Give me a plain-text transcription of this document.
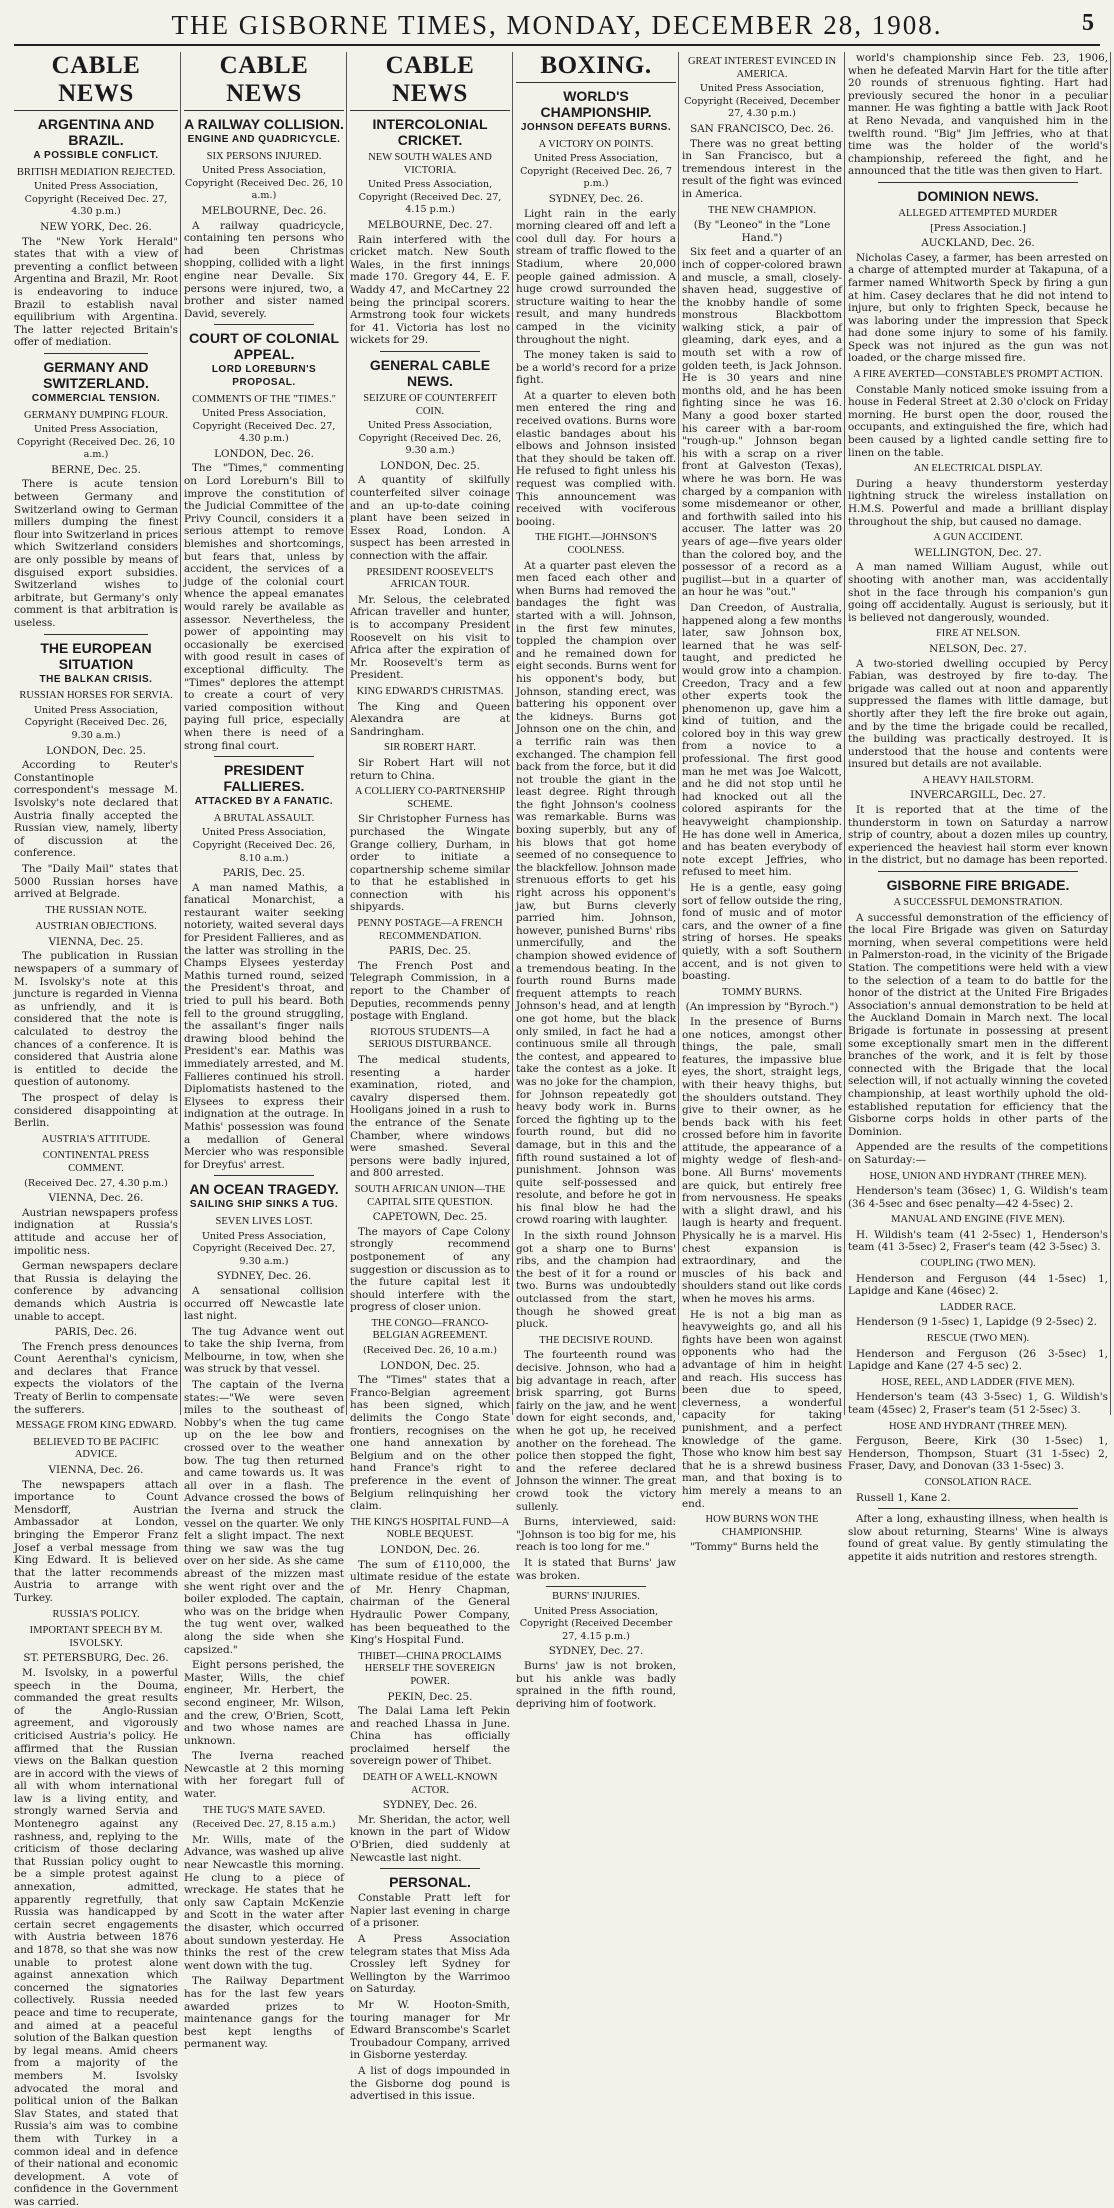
THE GISBORNE TIMES, MONDAY, DECEMBER 28, 1908.	5
CABLE NEWS
ARGENTINA AND BRAZIL.
A POSSIBLE CONFLICT.
BRITISH MEDIATION REJECTED.
United Press Association, Copyright (Received Dec. 27, 4.30 p.m.)
NEW YORK, Dec. 26.

The "New York Herald" states that with a view of preventing a conflict between Argentina and Brazil, Mr. Root is endeavoring to induce Brazil to establish naval equilibrium with Argentina. The latter rejected Britain's offer of mediation.

GERMANY AND SWITZERLAND.
COMMERCIAL TENSION.
GERMANY DUMPING FLOUR.
United Press Association, Copyright (Received Dec. 26, 10 a.m.)
BERNE, Dec. 25.

There is acute tension between Germany and Switzerland owing to German millers dumping the finest flour into Switzerland in prices which Switzerland considers are only possible by means of disguised export subsidies. Switzerland wishes to arbitrate, but Germany's only comment is that arbitration is useless.

THE EUROPEAN SITUATION
THE BALKAN CRISIS.
RUSSIAN HORSES FOR SERVIA.
United Press Association, Copyright (Received Dec. 26, 9.30 a.m.)
LONDON, Dec. 25.

According to Reuter's Constantinople correspondent's message M. Isvolsky's note declared that Austria finally accepted the Russian view, namely, liberty of discussion at the conference.

The "Daily Mail" states that 5000 Russian horses have arrived at Belgrade.

THE RUSSIAN NOTE.
AUSTRIAN OBJECTIONS.
VIENNA, Dec. 25.

The publication in Russian newspapers of a summary of M. Isvolsky's note at this juncture is regarded in Vienna as unfriendly, and it is considered that the note is calculated to destroy the chances of a conference. It is considered that Austria alone is entitled to decide the question of autonomy.

The prospect of delay is considered disappointing at Berlin.

AUSTRIA'S ATTITUDE.
CONTINENTAL PRESS COMMENT.
(Received Dec. 27, 4.30 p.m.)
VIENNA, Dec. 26.

Austrian newspapers profess indignation at Russia's attitude and accuse her of impolitic ness.

German newspapers declare that Russia is delaying the conference by advancing demands which Austria is unable to accept.

PARIS, Dec. 26.

The French press denounces Count Aerenthal's cynicism, and declares that France expects the violators of the Treaty of Berlin to compensate the sufferers.

MESSAGE FROM KING EDWARD.
BELIEVED TO BE PACIFIC ADVICE.
VIENNA, Dec. 26.

The newspapers attach importance to Count Mensdorff, Austrian Ambassador at London, bringing the Emperor Franz Josef a verbal message from King Edward. It is believed that the latter recommends Austria to arrange with Turkey.

RUSSIA'S POLICY.
IMPORTANT SPEECH BY M. ISVOLSKY.
ST. PETERSBURG, Dec. 26.

M. Isvolsky, in a powerful speech in the Douma, commanded the great results of the Anglo-Russian agreement, and vigorously criticised Austria's policy. He affirmed that the Russian views on the Balkan question are in accord with the views of all with whom international law is a living entity, and strongly warned Servia and Montenegro against any rashness, and, replying to the criticism of those declaring that Russian policy ought to be a simple protest against annexation, admitted, apparently regretfully, that Russia was handicapped by certain secret engagements with Austria between 1876 and 1878, so that she was now unable to protest alone against annexation which concerned the signatories collectively. Russia needed peace and time to recuperate, and aimed at a peaceful solution of the Balkan question by legal means. Amid cheers from a majority of the members M. Isvolsky advocated the moral and political union of the Balkan Slav States, and stated that Russia's aim was to combine them with Turkey in a common ideal and in defence of their national and economic development. A vote of confidence in the Government was carried.

CABLE NEWS
A RAILWAY COLLISION.
ENGINE AND QUADRICYCLE.
SIX PERSONS INJURED.
United Press Association, Copyright (Received Dec. 26, 10 a.m.)
MELBOURNE, Dec. 26.

A railway quadricycle, containing ten persons who had been Christmas shopping, collided with a light engine near Devalle. Six persons were injured, two, a brother and sister named David, severely.

COURT OF COLONIAL APPEAL.
LORD LOREBURN'S PROPOSAL.
COMMENTS OF THE "TIMES."
United Press Association, Copyright (Received Dec. 27, 4.30 p.m.)
LONDON, Dec. 26.

The "Times," commenting on Lord Loreburn's Bill to improve the constitution of the Judicial Committee of the Privy Council, considers it a serious attempt to remove blemishes and shortcomings, but fears that, unless by accident, the services of a judge of the colonial court whence the appeal emanates would rarely be available as assessor. Nevertheless, the power of appointing may occasionally be exercised with good result in cases of exceptional difficulty. The "Times" deplores the attempt to create a court of very varied composition without paying full price, especially when there is need of a strong final court.

PRESIDENT FALLIERES.
ATTACKED BY A FANATIC.
A BRUTAL ASSAULT.
United Press Association, Copyright (Received Dec. 26, 8.10 a.m.)
PARIS, Dec. 25.

A man named Mathis, a fanatical Monarchist, a restaurant waiter seeking notoriety, waited several days for President Fallieres, and as the latter was strolling in the Champs Elysees yesterday Mathis turned round, seized the President's throat, and tried to pull his beard. Both fell to the ground struggling, the assailant's finger nails drawing blood behind the President's ear. Mathis was immediately arrested, and M. Fallieres continued his stroll. Diplomatists hastened to the Elysees to express their indignation at the outrage. In Mathis' possession was found a medallion of General Mercier who was responsible for Dreyfus' arrest.

AN OCEAN TRAGEDY.
SAILING SHIP SINKS A TUG.
SEVEN LIVES LOST.
United Press Association, Copyright (Received Dec. 27, 9.30 a.m.)
SYDNEY, Dec. 26.

A sensational collision occurred off Newcastle late last night.

The tug Advance went out to take the ship Iverna, from Melbourne, in tow, when she was struck by that vessel.

The captain of the Iverna states:—"We were seven miles to the southeast of Nobby's when the tug came up on the lee bow and crossed over to the weather bow. The tug then returned and came towards us. It was all over in a flash. The Advance crossed the bows of the Iverna and struck the vessel on the quarter. We only felt a slight impact. The next thing we saw was the tug over on her side. As she came abreast of the mizzen mast she went right over and the boiler exploded. The captain, who was on the bridge when the tug went over, walked along the side when she capsized."

Eight persons perished, the Master, Wills, the chief engineer, Mr. Herbert, the second engineer, Mr. Wilson, and the crew, O'Brien, Scott, and two whose names are unknown.

The Iverna reached Newcastle at 2 this morning with her foregart full of water.

THE TUG'S MATE SAVED.
(Received Dec. 27, 8.15 a.m.)

Mr. Wills, mate of the Advance, was washed up alive near Newcastle this morning. He clung to a piece of wreckage. He states that he only saw Captain McKenzie and Scott in the water after the disaster, which occurred about sundown yesterday. He thinks the rest of the crew went down with the tug.

The Railway Department has for the last few years awarded prizes to maintenance gangs for the best kept lengths of permanent way.

CABLE NEWS
INTERCOLONIAL CRICKET.
NEW SOUTH WALES AND VICTORIA.
United Press Association, Copyright (Received Dec. 27, 4.15 p.m.)
MELBOURNE, Dec. 27.

Rain interfered with the cricket match. New South Wales, in the first innings made 170. Gregory 44, E. F. Waddy 47, and McCartney 22 being the principal scorers. Armstrong took four wickets for 41. Victoria has lost no wickets for 29.

GENERAL CABLE NEWS.
SEIZURE OF COUNTERFEIT COIN.
United Press Association, Copyright (Received Dec. 26, 9.30 a.m.)
LONDON, Dec. 25.

A quantity of skilfully counterfeited silver coinage and an up-to-date coining plant have been seized in Essex Road, London. A suspect has been arrested in connection with the affair.

PRESIDENT ROOSEVELT'S AFRICAN TOUR.

Mr. Selous, the celebrated African traveller and hunter, is to accompany President Roosevelt on his visit to Africa after the expiration of Mr. Roosevelt's term as President.

KING EDWARD'S CHRISTMAS.

The King and Queen Alexandra are at Sandringham.

SIR ROBERT HART.

Sir Robert Hart will not return to China.

A COLLIERY CO-PARTNERSHIP SCHEME.

Sir Christopher Furness has purchased the Wingate Grange colliery, Durham, in order to initiate a copartnership scheme similar to that he established in connection with his shipyards.

PENNY POSTAGE—A FRENCH RECOMMENDATION.
PARIS, Dec. 25.

The French Post and Telegraph Commission, in a report to the Chamber of Deputies, recommends penny postage with England.

RIOTOUS STUDENTS—A SERIOUS DISTURBANCE.

The medical students, resenting a harder examination, rioted, and cavalry dispersed them. Hooligans joined in a rush to the entrance of the Senate Chamber, where windows were smashed. Several persons were badly injured, and 800 arrested.

SOUTH AFRICAN UNION—THE CAPITAL SITE QUESTION.
CAPETOWN, Dec. 25.

The mayors of Cape Colony strongly recommend postponement of any suggestion or discussion as to the future capital lest it should interfere with the progress of closer union.

THE CONGO—FRANCO-BELGIAN AGREEMENT.
(Received Dec. 26, 10 a.m.)
LONDON, Dec. 25.

The "Times" states that a Franco-Belgian agreement has been signed, which delimits the Congo State frontiers, recognises on the one hand annexation by Belgium and on the other hand France's right to preference in the event of Belgium relinquishing her claim.

THE KING'S HOSPITAL FUND—A NOBLE BEQUEST.
LONDON, Dec. 26.

The sum of £110,000, the ultimate residue of the estate of Mr. Henry Chapman, chairman of the General Hydraulic Power Company, has been bequeathed to the King's Hospital Fund.

THIBET—CHINA PROCLAIMS HERSELF THE SOVEREIGN POWER.
PEKIN, Dec. 25.

The Dalai Lama left Pekin and reached Lhassa in June. China has officially proclaimed herself the sovereign power of Thibet.

DEATH OF A WELL-KNOWN ACTOR.
SYDNEY, Dec. 26.

Mr. Sheridan, the actor, well known in the part of Widow O'Brien, died suddenly at Newcastle last night.

PERSONAL.

Constable Pratt left for Napier last evening in charge of a prisoner.

A Press Association telegram states that Miss Ada Crossley left Sydney for Wellington by the Warrimoo on Saturday.

Mr W. Hooton-Smith, touring manager for Mr Edward Branscombe's Scarlet Troubadour Company, arrived in Gisborne yesterday.

A list of dogs impounded in the Gisborne dog pound is advertised in this issue.

BOXING.
WORLD'S CHAMPIONSHIP.
JOHNSON DEFEATS BURNS.
A VICTORY ON POINTS.
United Press Association, Copyright (Received Dec. 26, 7 p.m.)
SYDNEY, Dec. 26.

Light rain in the early morning cleared off and left a cool dull day. For hours a stream of traffic flowed to the Stadium, where 20,000 people gained admission. A huge crowd surrounded the structure waiting to hear the result, and many hundreds camped in the vicinity throughout the night.

The money taken is said to be a world's record for a prize fight.

At a quarter to eleven both men entered the ring and received ovations. Burns wore elastic bandages about his elbows and Johnson insisted that they should be taken off. He refused to fight unless his request was complied with. This announcement was received with vociferous booing.

THE FIGHT.—JOHNSON'S COOLNESS.

At a quarter past eleven the men faced each other and when Burns had removed the bandages the fight was started with a will. Johnson, in the first few minutes, toppled the champion over and he remained down for eight seconds. Burns went for his opponent's body, but Johnson, standing erect, was battering his opponent over the kidneys. Burns got Johnson one on the chin, and a terrific rain was then exchanged. The champion fell back from the force, but it did not trouble the giant in the least degree. Right through the fight Johnson's coolness was remarkable. Burns was boxing superbly, but any of his blows that got home seemed of no consequence to the blackfellow. Johnson made strenuous efforts to get his right across his opponent's jaw, but Burns cleverly parried him. Johnson, however, punished Burns' ribs unmercifully, and the champion showed evidence of a tremendous beating. In the fourth round Burns made frequent attempts to reach Johnson's head, and at length one got home, but the black only smiled, in fact he had a continuous smile all through the contest, and appeared to take the contest as a joke. It was no joke for the champion, for Johnson repeatedly got heavy body work in. Burns forced the fighting up to the fourth round, but did no damage, but in this and the fifth round sustained a lot of punishment. Johnson was quite self-possessed and resolute, and before he got in his final blow he had the crowd roaring with laughter.

In the sixth round Johnson got a sharp one to Burns' ribs, and the champion had the best of it for a round or two. Burns was undoubtedly outclassed from the start, though he showed great pluck.

THE DECISIVE ROUND.

The fourteenth round was decisive. Johnson, who had a big advantage in reach, after brisk sparring, got Burns fairly on the jaw, and he went down for eight seconds, and, when he got up, he received another on the forehead. The police then stopped the fight, and the referee declared Johnson the winner. The great crowd took the victory sullenly.

Burns, interviewed, said: "Johnson is too big for me, his reach is too long for me."

It is stated that Burns' jaw was broken.

BURNS' INJURIES.
United Press Association, Copyright (Received December 27, 4.15 p.m.)
SYDNEY, Dec. 27.

Burns' jaw is not broken, but his ankle was badly sprained in the fifth round, depriving him of footwork.

GREAT INTEREST EVINCED IN AMERICA.
United Press Association, Copyright (Received, December 27, 4.30 p.m.)
SAN FRANCISCO, Dec. 26.

There was no great betting in San Francisco, but a tremendous interest in the result of the fight was evinced in America.

THE NEW CHAMPION.
(By "Leoneo" in the "Lone Hand.")

Six feet and a quarter of an inch of copper-colored brawn and muscle, a small, closely-shaven head, suggestive of the knobby handle of some monstrous Blackbottom walking stick, a pair of gleaming, dark eyes, and a mouth set with a row of golden teeth, is Jack Johnson. He is 30 years and nine months old, and he has been fighting since he was 16. Many a good boxer started his career with a bar-room "rough-up." Johnson began his with a scrap on a river front at Galveston (Texas), where he was born. He was charged by a companion with some misdemeanor or other, and forthwith sailed into his accuser. The latter was 20 years of age—five years older than the colored boy, and the possessor of a record as a pugilist—but in a quarter of an hour he was "out."

Dan Creedon, of Australia, happened along a few months later, saw Johnson box, learned that he was self-taught, and predicted he would grow into a champion. Creedon, Tracy and a few other experts took the phenomenon up, gave him a kind of tuition, and the colored boy in this way grew from a novice to a professional. The first good man he met was Joe Walcott, and he did not stop until he had knocked out all the colored aspirants for the heavyweight championship. He has done well in America, and has beaten everybody of note except Jeffries, who refused to meet him.

He is a gentle, easy going sort of fellow outside the ring, fond of music and of motor cars, and the owner of a fine string of horses. He speaks quietly, with a soft Southern accent, and is not given to boasting.

TOMMY BURNS.
(An impression by "Byroch.")

In the presence of Burns one notices, amongst other things, the pale, small features, the impassive blue eyes, the short, straight legs, with their heavy thighs, but the shoulders outstand. They give to their owner, as he bends back with his feet crossed before him in favorite attitude, the appearance of a mighty wedge of flesh-and-bone. All Burns' movements are quick, but entirely free from nervousness. He speaks with a slight drawl, and his laugh is hearty and frequent. Physically he is a marvel. His chest expansion is extraordinary, and the muscles of his back and shoulders stand out like cords when he moves his arms.

He is not a big man as heavyweights go, and all his fights have been won against opponents who had the advantage of him in height and reach. His success has been due to speed, cleverness, a wonderful capacity for taking punishment, and a perfect knowledge of the game. Those who know him best say that he is a shrewd business man, and that boxing is to him merely a means to an end.

HOW BURNS WON THE CHAMPIONSHIP.

"Tommy" Burns held the

world's championship since Feb. 23, 1906, when he defeated Marvin Hart for the title after 20 rounds of strenuous fighting. Hart had previously secured the honor in a peculiar manner. He was fighting a battle with Jack Root at Reno Nevada, and vanquished him in the twelfth round. "Big" Jim Jeffries, who at that time was the holder of the world's championship, refereed the fight, and he announced that the title was then given to Hart.

DOMINION NEWS.
ALLEGED ATTEMPTED MURDER
[Press Association.]
AUCKLAND, Dec. 26.

Nicholas Casey, a farmer, has been arrested on a charge of attempted murder at Takapuna, of a farmer named Whitworth Speck by firing a gun at him. Casey declares that he did not intend to injure, but only to frighten Speck, because he was laboring under the impression that Speck had done some injury to some of his family. Speck was not injured as the gun was not loaded, or the charge missed fire.

A FIRE AVERTED—CONSTABLE'S PROMPT ACTION.

Constable Manly noticed smoke issuing from a house in Federal Street at 2.30 o'clock on Friday morning. He burst open the door, roused the occupants, and extinguished the fire, which had been caused by a lighted candle setting fire to linen on the table.

AN ELECTRICAL DISPLAY.

During a heavy thunderstorm yesterday lightning struck the wireless installation on H.M.S. Powerful and made a brilliant display throughout the ship, but caused no damage.

A GUN ACCIDENT.
WELLINGTON, Dec. 27.

A man named William August, while out shooting with another man, was accidentally shot in the face through his companion's gun going off accidentally. August is seriously, but it is believed not dangerously, wounded.

FIRE AT NELSON.
NELSON, Dec. 27.

A two-storied dwelling occupied by Percy Fabian, was destroyed by fire to-day. The brigade was called out at noon and apparently suppressed the flames with little damage, but shortly after they left the fire broke out again, and by the time the brigade could be recalled, the building was practically destroyed. It is understood that the house and contents were insured but details are not available.

A HEAVY HAILSTORM.
INVERCARGILL, Dec. 27.

It is reported that at the time of the thunderstorm in town on Saturday a narrow strip of country, about a dozen miles up country, experienced the heaviest hail storm ever known in the district, but no damage has been reported.

GISBORNE FIRE BRIGADE.
A SUCCESSFUL DEMONSTRATION.

A successful demonstration of the efficiency of the local Fire Brigade was given on Saturday morning, when several competitions were held in Palmerston-road, in the vicinity of the Brigade Station. The competitions were held with a view to the selection of a team to do battle for the honor of the district at the United Fire Brigades Association's annual demonstration to be held at the Auckland Domain in March next. The local Brigade is fortunate in possessing at present some exceptionally smart men in the different branches of the work, and it is felt by those connected with the Brigade that the local selection will, if not actually winning the coveted championship, at least worthily uphold the old-established reputation for efficiency that the Gisborne corps holds in other parts of the Dominion.

Appended are the results of the competitions on Saturday:—

HOSE, UNION AND HYDRANT (THREE MEN).

Henderson's team (36sec) 1, G. Wildish's team (36 4-5sec and 6sec penalty—42 4-5sec) 2.

MANUAL AND ENGINE (FIVE MEN).

H. Wildish's team (41 2-5sec) 1, Henderson's team (41 3-5sec) 2, Fraser's team (42 3-5sec) 3.

COUPLING (TWO MEN).

Henderson and Ferguson (44 1-5sec) 1, Lapidge and Kane (46sec) 2.

LADDER RACE.

Henderson (9 1-5sec) 1, Lapidge (9 2-5sec) 2.

RESCUE (TWO MEN).

Henderson and Ferguson (26 3-5sec) 1, Lapidge and Kane (27 4-5 sec) 2.

HOSE, REEL, AND LADDER (FIVE MEN).

Henderson's team (43 3-5sec) 1, G. Wildish's team (45sec) 2, Fraser's team (51 2-5sec) 3.

HOSE AND HYDRANT (THREE MEN).

Ferguson, Beere, Kirk (30 1-5sec) 1, Henderson, Thompson, Stuart (31 1-5sec) 2, Fraser, Davy, and Donovan (33 1-5sec) 3.

CONSOLATION RACE.

Russell 1, Kane 2.

After a long, exhausting illness, when health is slow about returning, Stearns' Wine is always found of great value. By gently stimulating the appetite it aids nutrition and restores strength.
